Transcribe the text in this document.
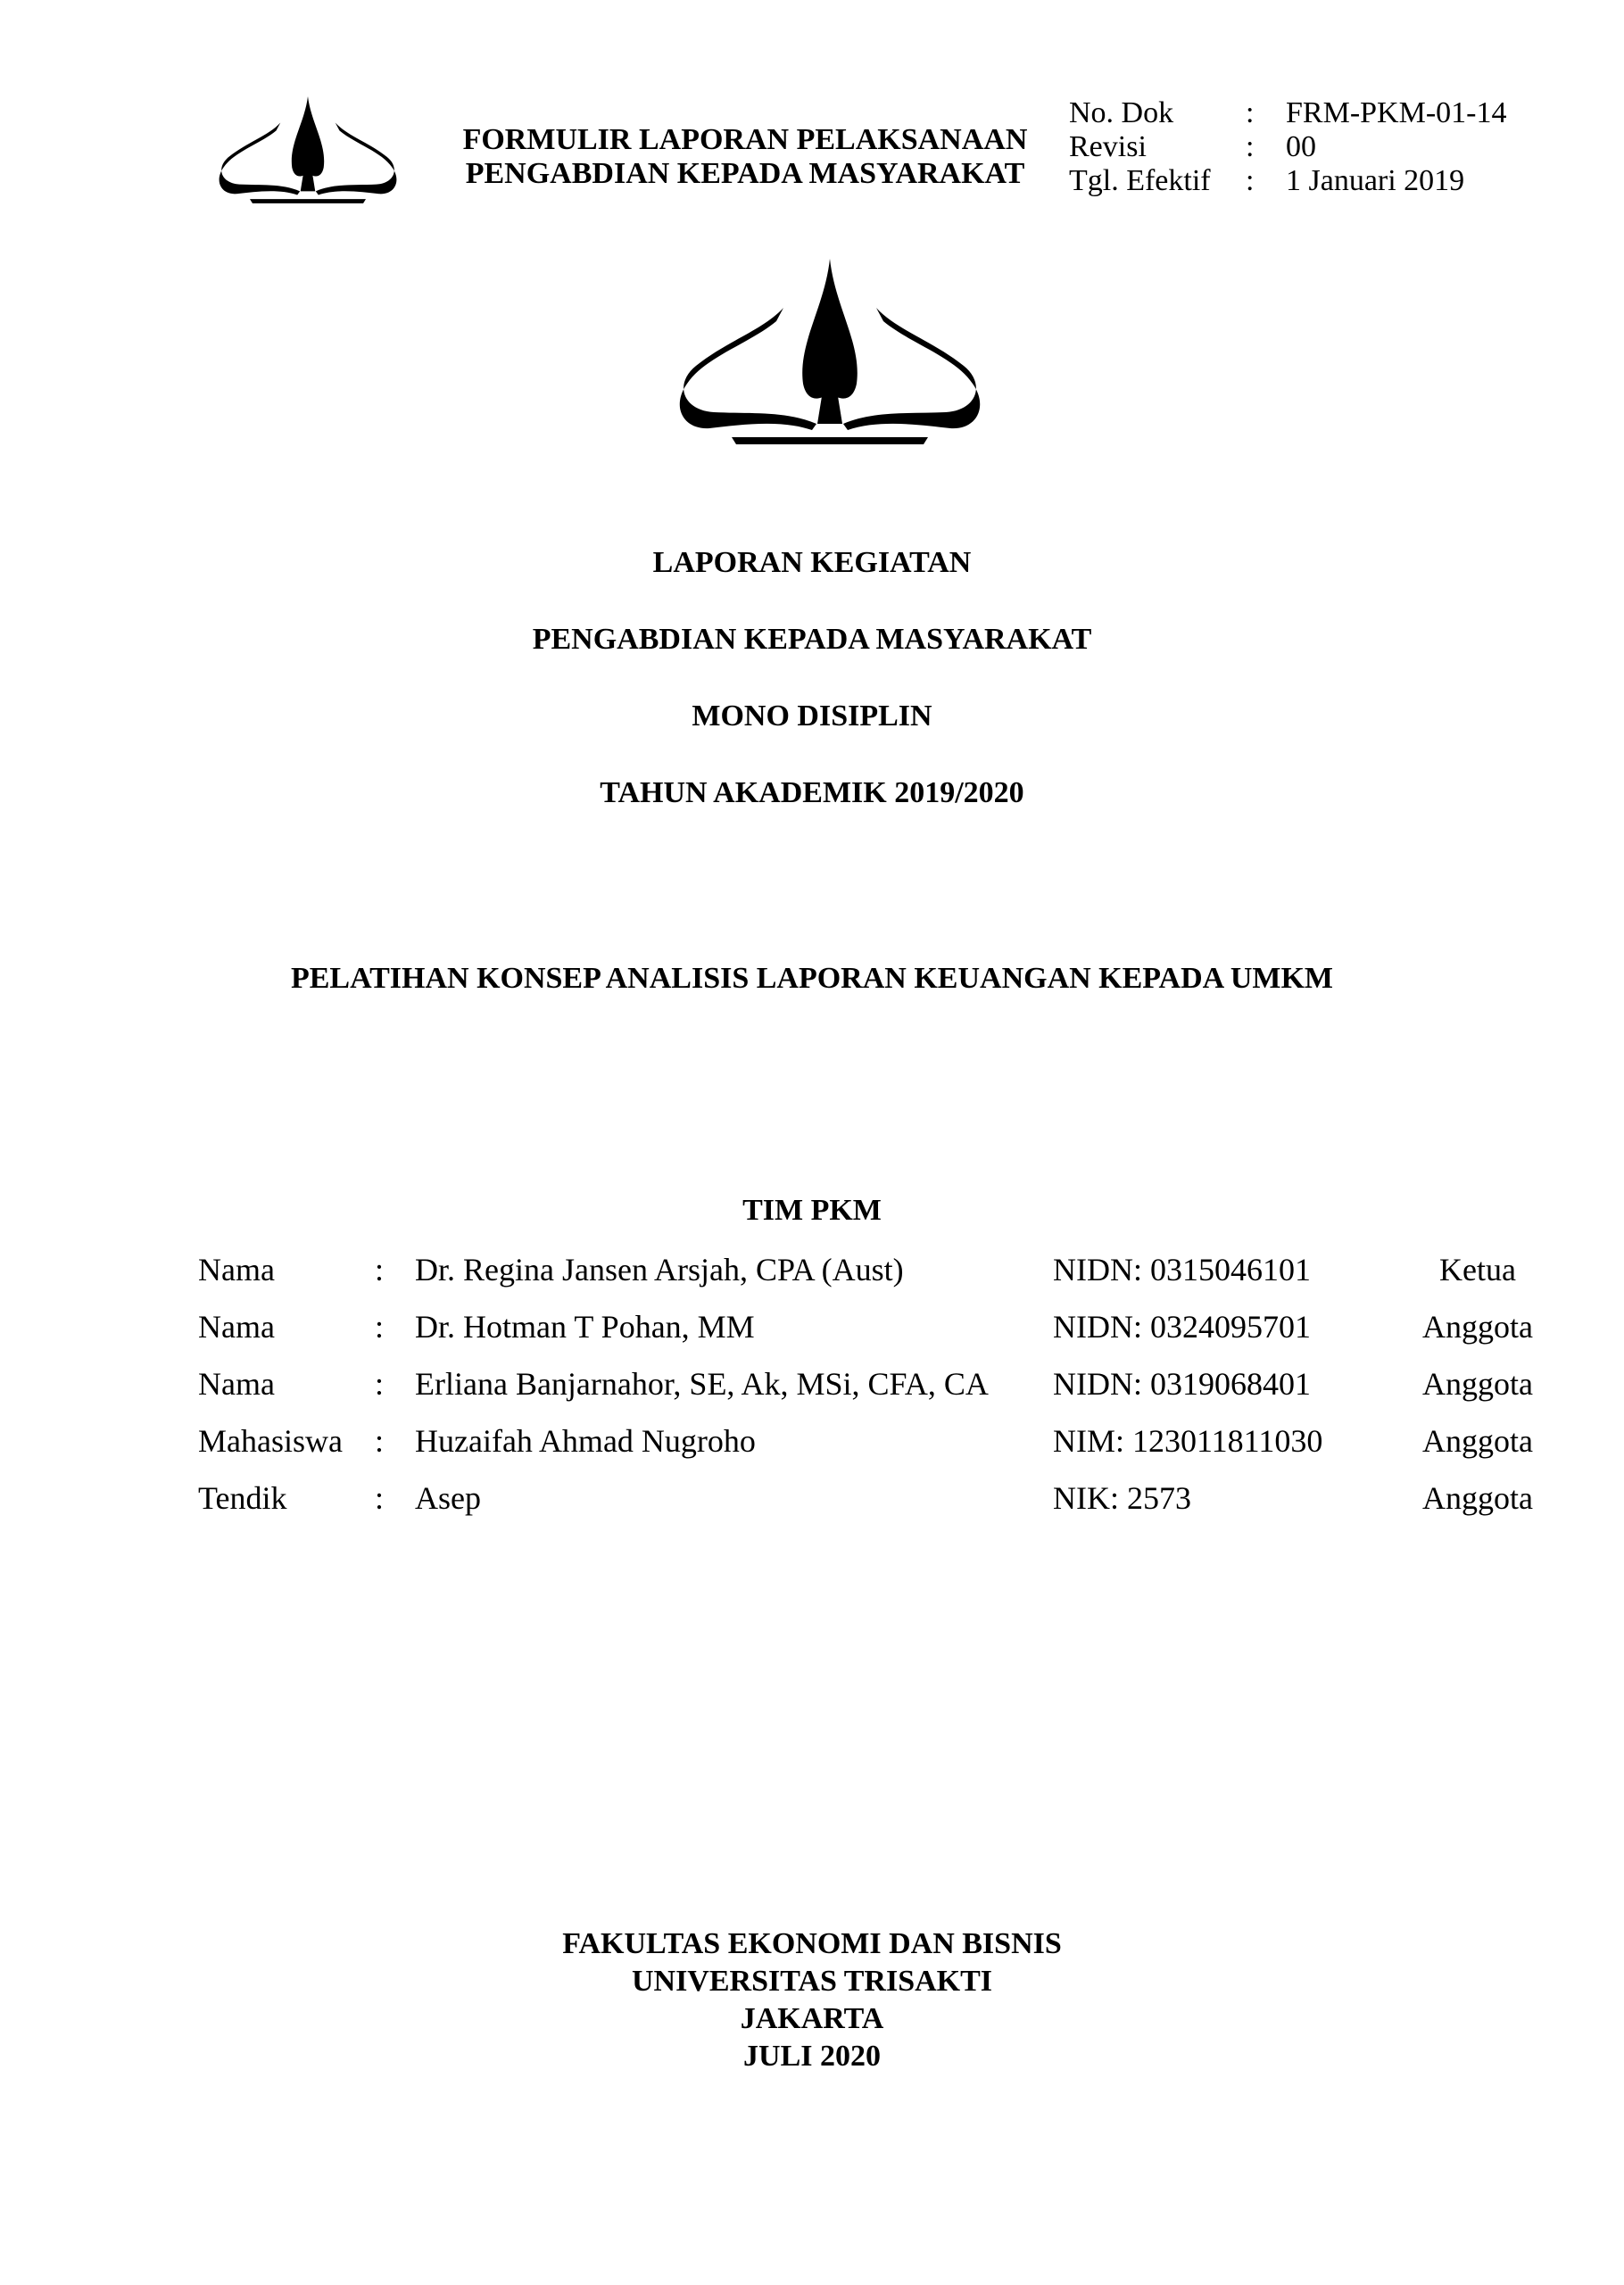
FORMULIR LAPORAN PELAKSANAAN
PENGABDIAN KEPADA MASYARAKAT
No. Dok	:	FRM-PKM-01-14
Revisi	:	00
Tgl. Efektif	:	1 Januari 2019
LAPORAN KEGIATAN
PENGABDIAN KEPADA MASYARAKAT
MONO DISIPLIN
TAHUN AKADEMIK 2019/2020
PELATIHAN KONSEP ANALISIS LAPORAN KEUANGAN KEPADA UMKM
TIM PKM
Nama	: Dr. Regina Jansen Arsjah, CPA (Aust)	NIDN: 0315046101	Ketua
Nama	: Dr. Hotman T Pohan, MM	NIDN: 0324095701	Anggota
Nama	: Erliana Banjarnahor, SE, Ak, MSi, CFA, CA NIDN: 0319068401	Anggota
Mahasiswa : Huzaifah Ahmad Nugroho	NIM: 123011811030	Anggota
Tendik	: Asep	NIK: 2573	Anggota
FAKULTAS EKONOMI DAN BISNIS
UNIVERSITAS TRISAKTI
JAKARTA
JULI 2020
